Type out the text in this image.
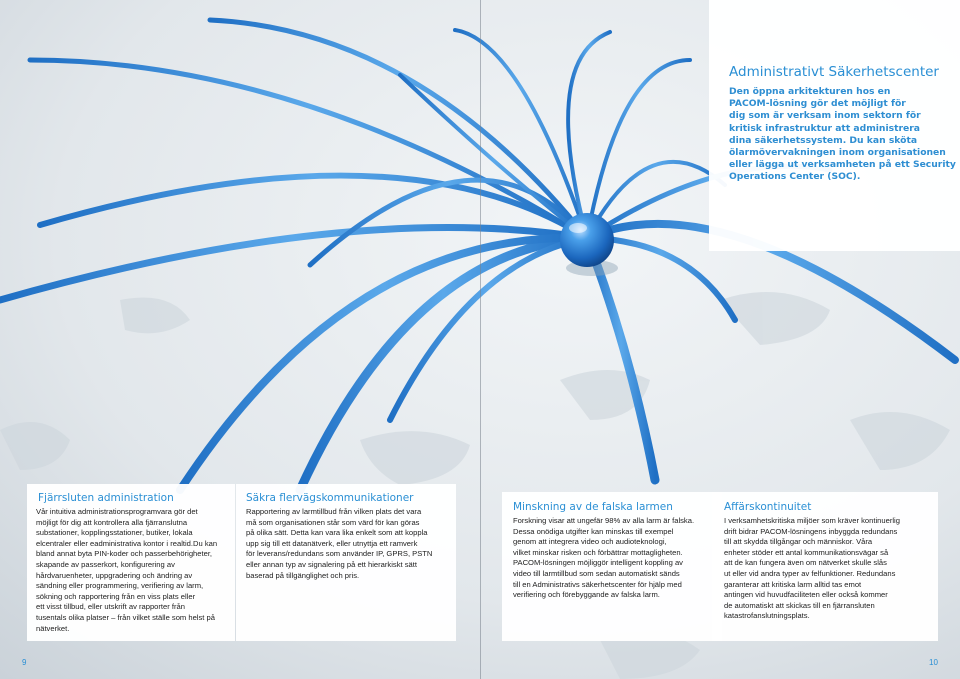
Administrativt Säkerhetscenter

Den öppna arkitekturen hos en
PACOM-lösning gör det möjligt för
dig som är verksam inom sektorn för
kritisk infrastruktur att administrera
dina säkerhetssystem. Du kan sköta
ölarmövervakningen inom organisationen
eller lägga ut verksamheten på ett Security
Operations Center (SOC).

Fjärrsluten administration

Vår intuitiva administrationsprogramvara gör det
möjligt för dig att kontrollera alla fjärranslutna
substationer, kopplingsstationer, butiker, lokala
elcentraler eller eadministrativa kontor i realtid.Du kan
bland annat byta PIN-koder och passerbehörigheter,
skapande av passerkort, konfigurering av
hårdvaruenheter, uppgradering och ändring av
sändning eller programmering, verifiering av larm,
sökning och rapportering från en viss plats eller
ett visst tillbud, eller utskrift av rapporter från
tusentals olika platser – från vilket ställe som helst på
nätverket.

Säkra flervägskommunikationer

Rapportering av larmtillbud från vilken plats det vara
må som organisationen står som värd för kan göras
på olika sätt. Detta kan vara lika enkelt som att koppla
upp sig till ett datanätverk, eller utnyttja ett ramverk
för leverans/redundans som använder IP, GPRS, PSTN
eller annan typ av signalering på ett hierarkiskt sätt
baserad på tillgänglighet och pris.

Minskning av de falska larmen

Forskning visar att ungefär 98% av alla larm är falska.
Dessa onödiga utgifter kan minskas till exempel
genom att integrera video och audioteknologi,
vilket minskar risken och förbättrar mottagligheten.
PACOM-lösningen möjliggör intelligent koppling av
video till larmtillbud som sedan automatiskt sänds
till en Administrativs säkerhetscenter för hjälp med
verifiering och förebyggande av falska larm.

Affärskontinuitet

I verksamhetskritiska miljöer som kräver kontinuerlig
drift bidrar PACOM-lösningens inbyggda redundans
till att skydda tillgångar och människor. Våra
enheter stöder ett antal kommunikationsvägar så
att de kan fungera även om nätverket skulle slås
ut eller vid andra typer av felfunktioner. Redundans
garanterar att kritiska larm alltid tas emot
antingen vid huvudfaciliteten eller också kommer
de automatiskt att skickas till en fjärransluten
katastrofanslutningsplats.

9	10
